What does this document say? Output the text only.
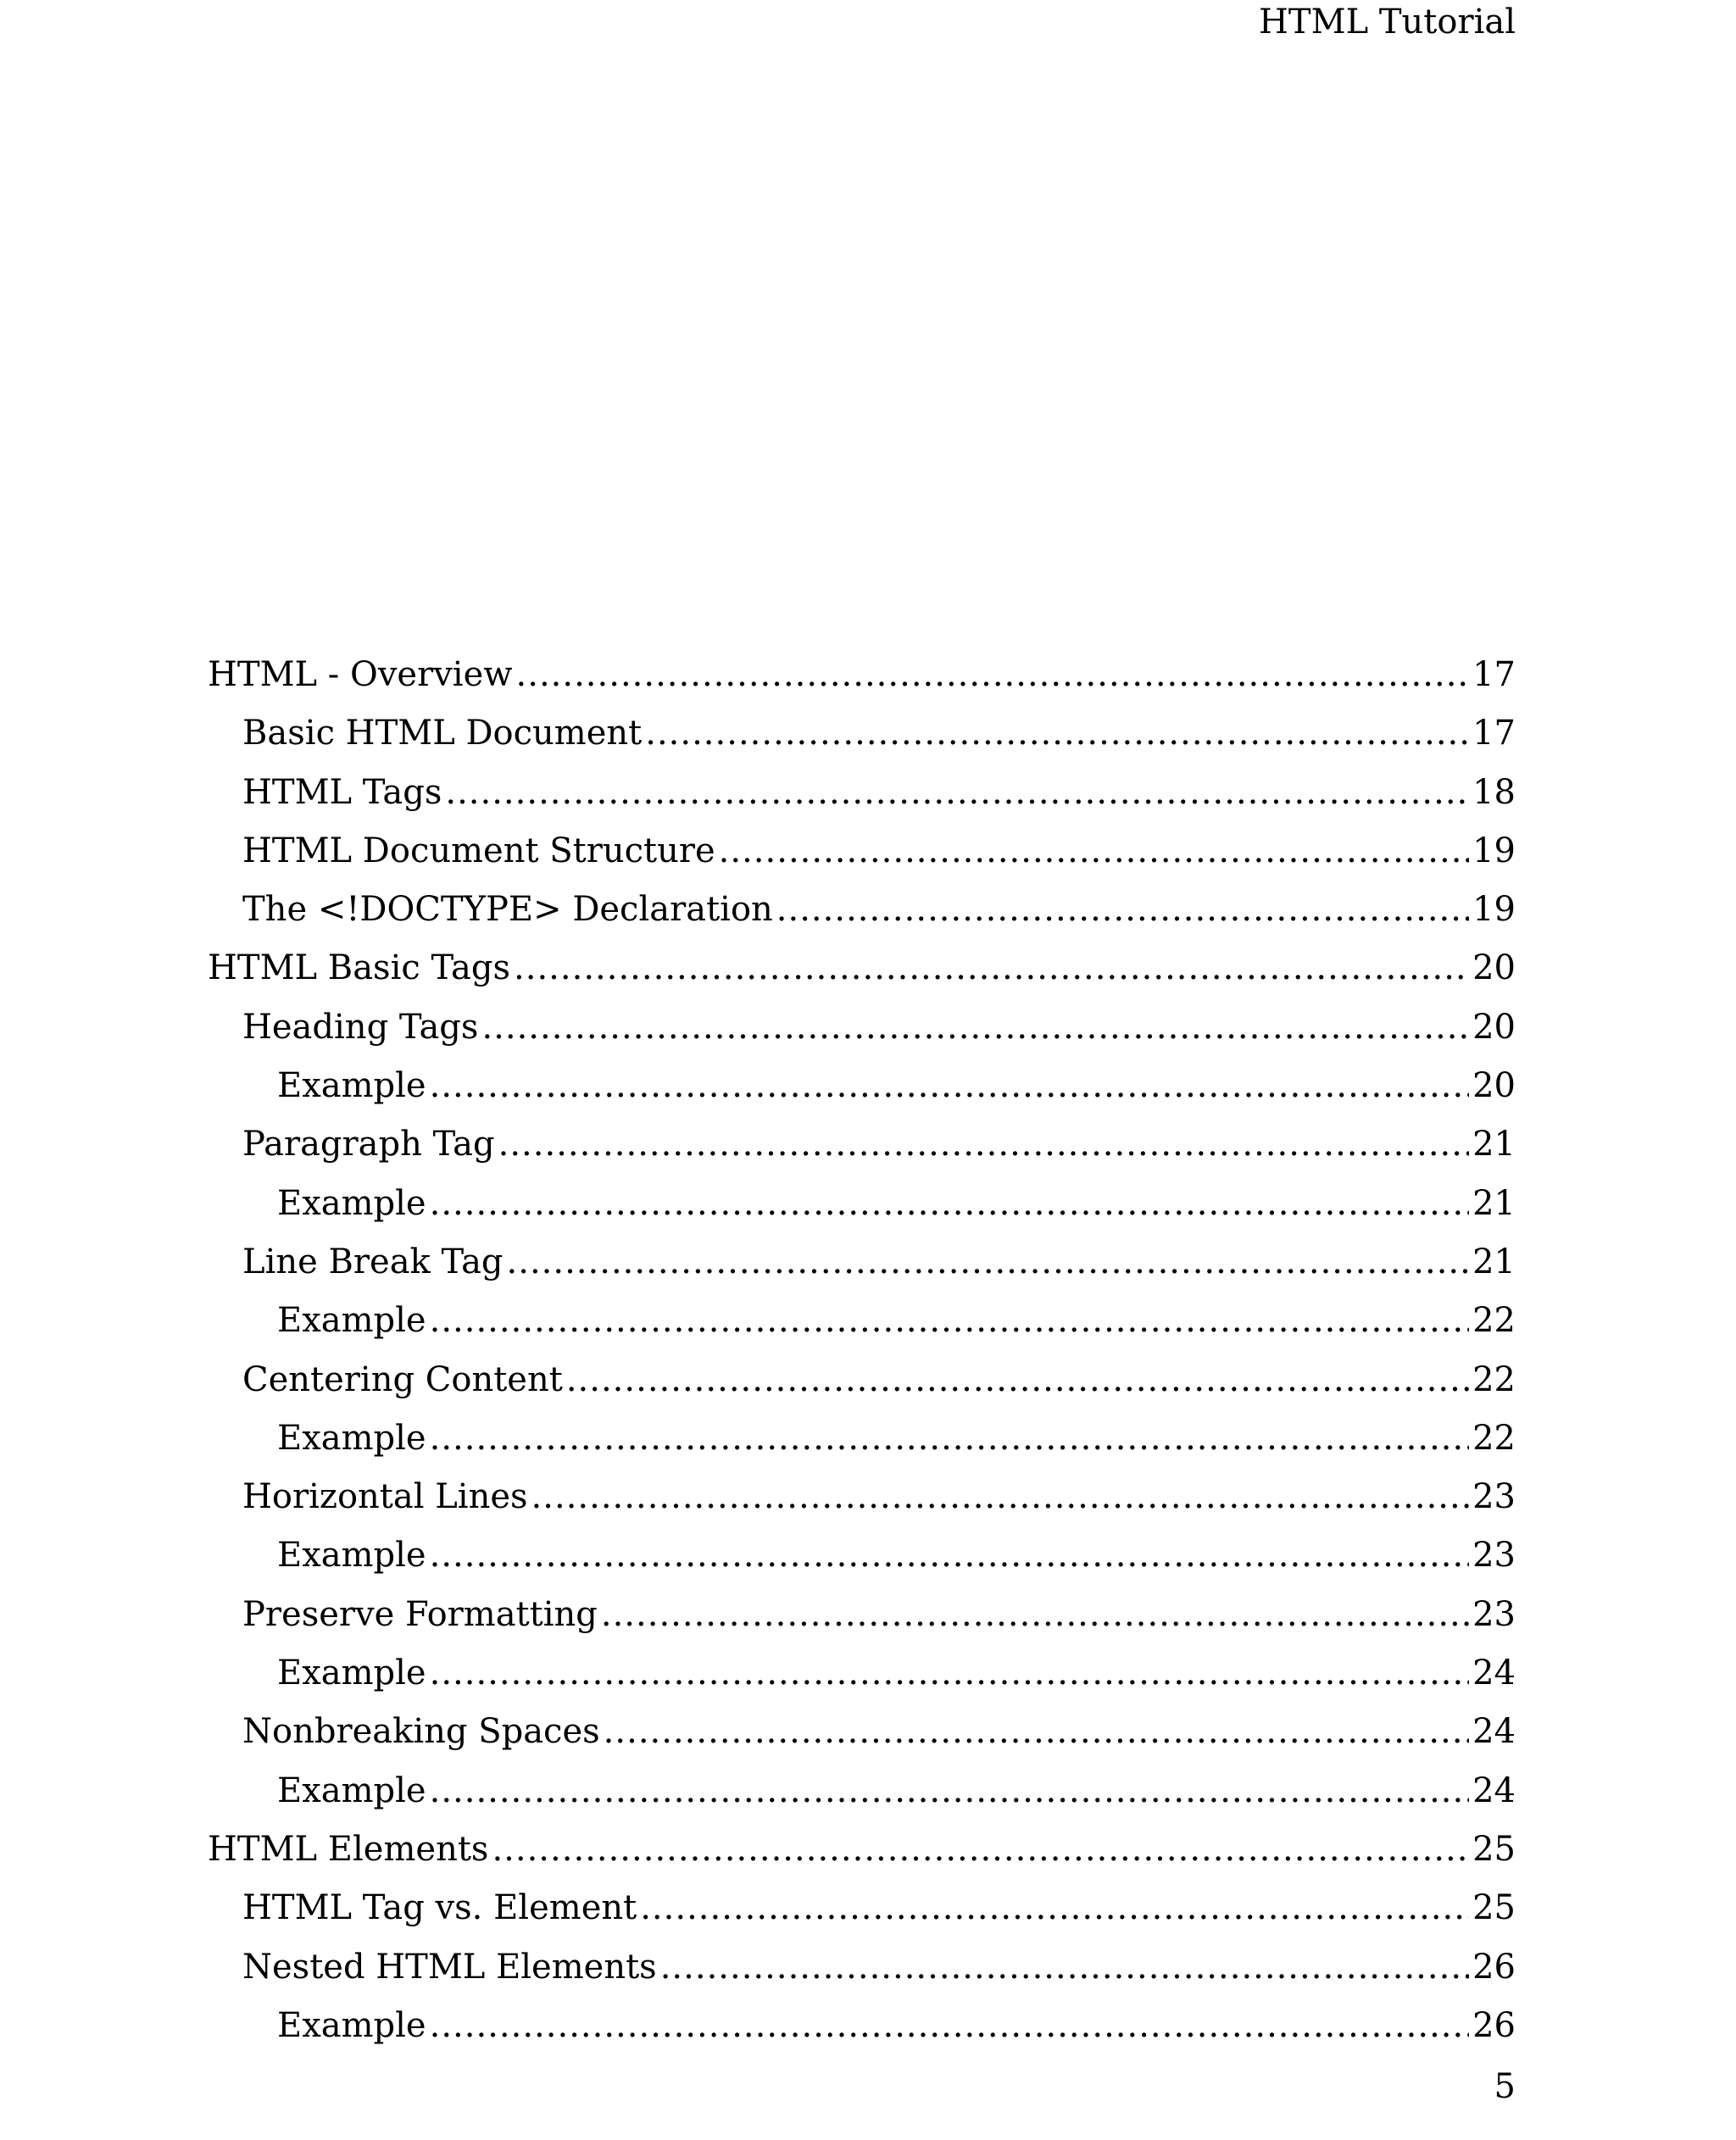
HTML Tutorial
HTML - Overview .....	17
Basic HTML Document .....	17
HTML Tags .....	18
HTML Document Structure .....	19
The <!DOCTYPE> Declaration .....	19
HTML Basic Tags .....	20
Heading Tags .....	20
Example .....	20
Paragraph Tag .....	21
Example .....	21
Line Break Tag .....	21
Example .....	22
Centering Content .....	22
Example .....	22
Horizontal Lines .....	23
Example .....	23
Preserve Formatting .....	23
Example .....	24
Nonbreaking Spaces .....	24
Example .....	24
HTML Elements .....	25
HTML Tag vs. Element .....	25
Nested HTML Elements .....	26
Example .....	26
5
